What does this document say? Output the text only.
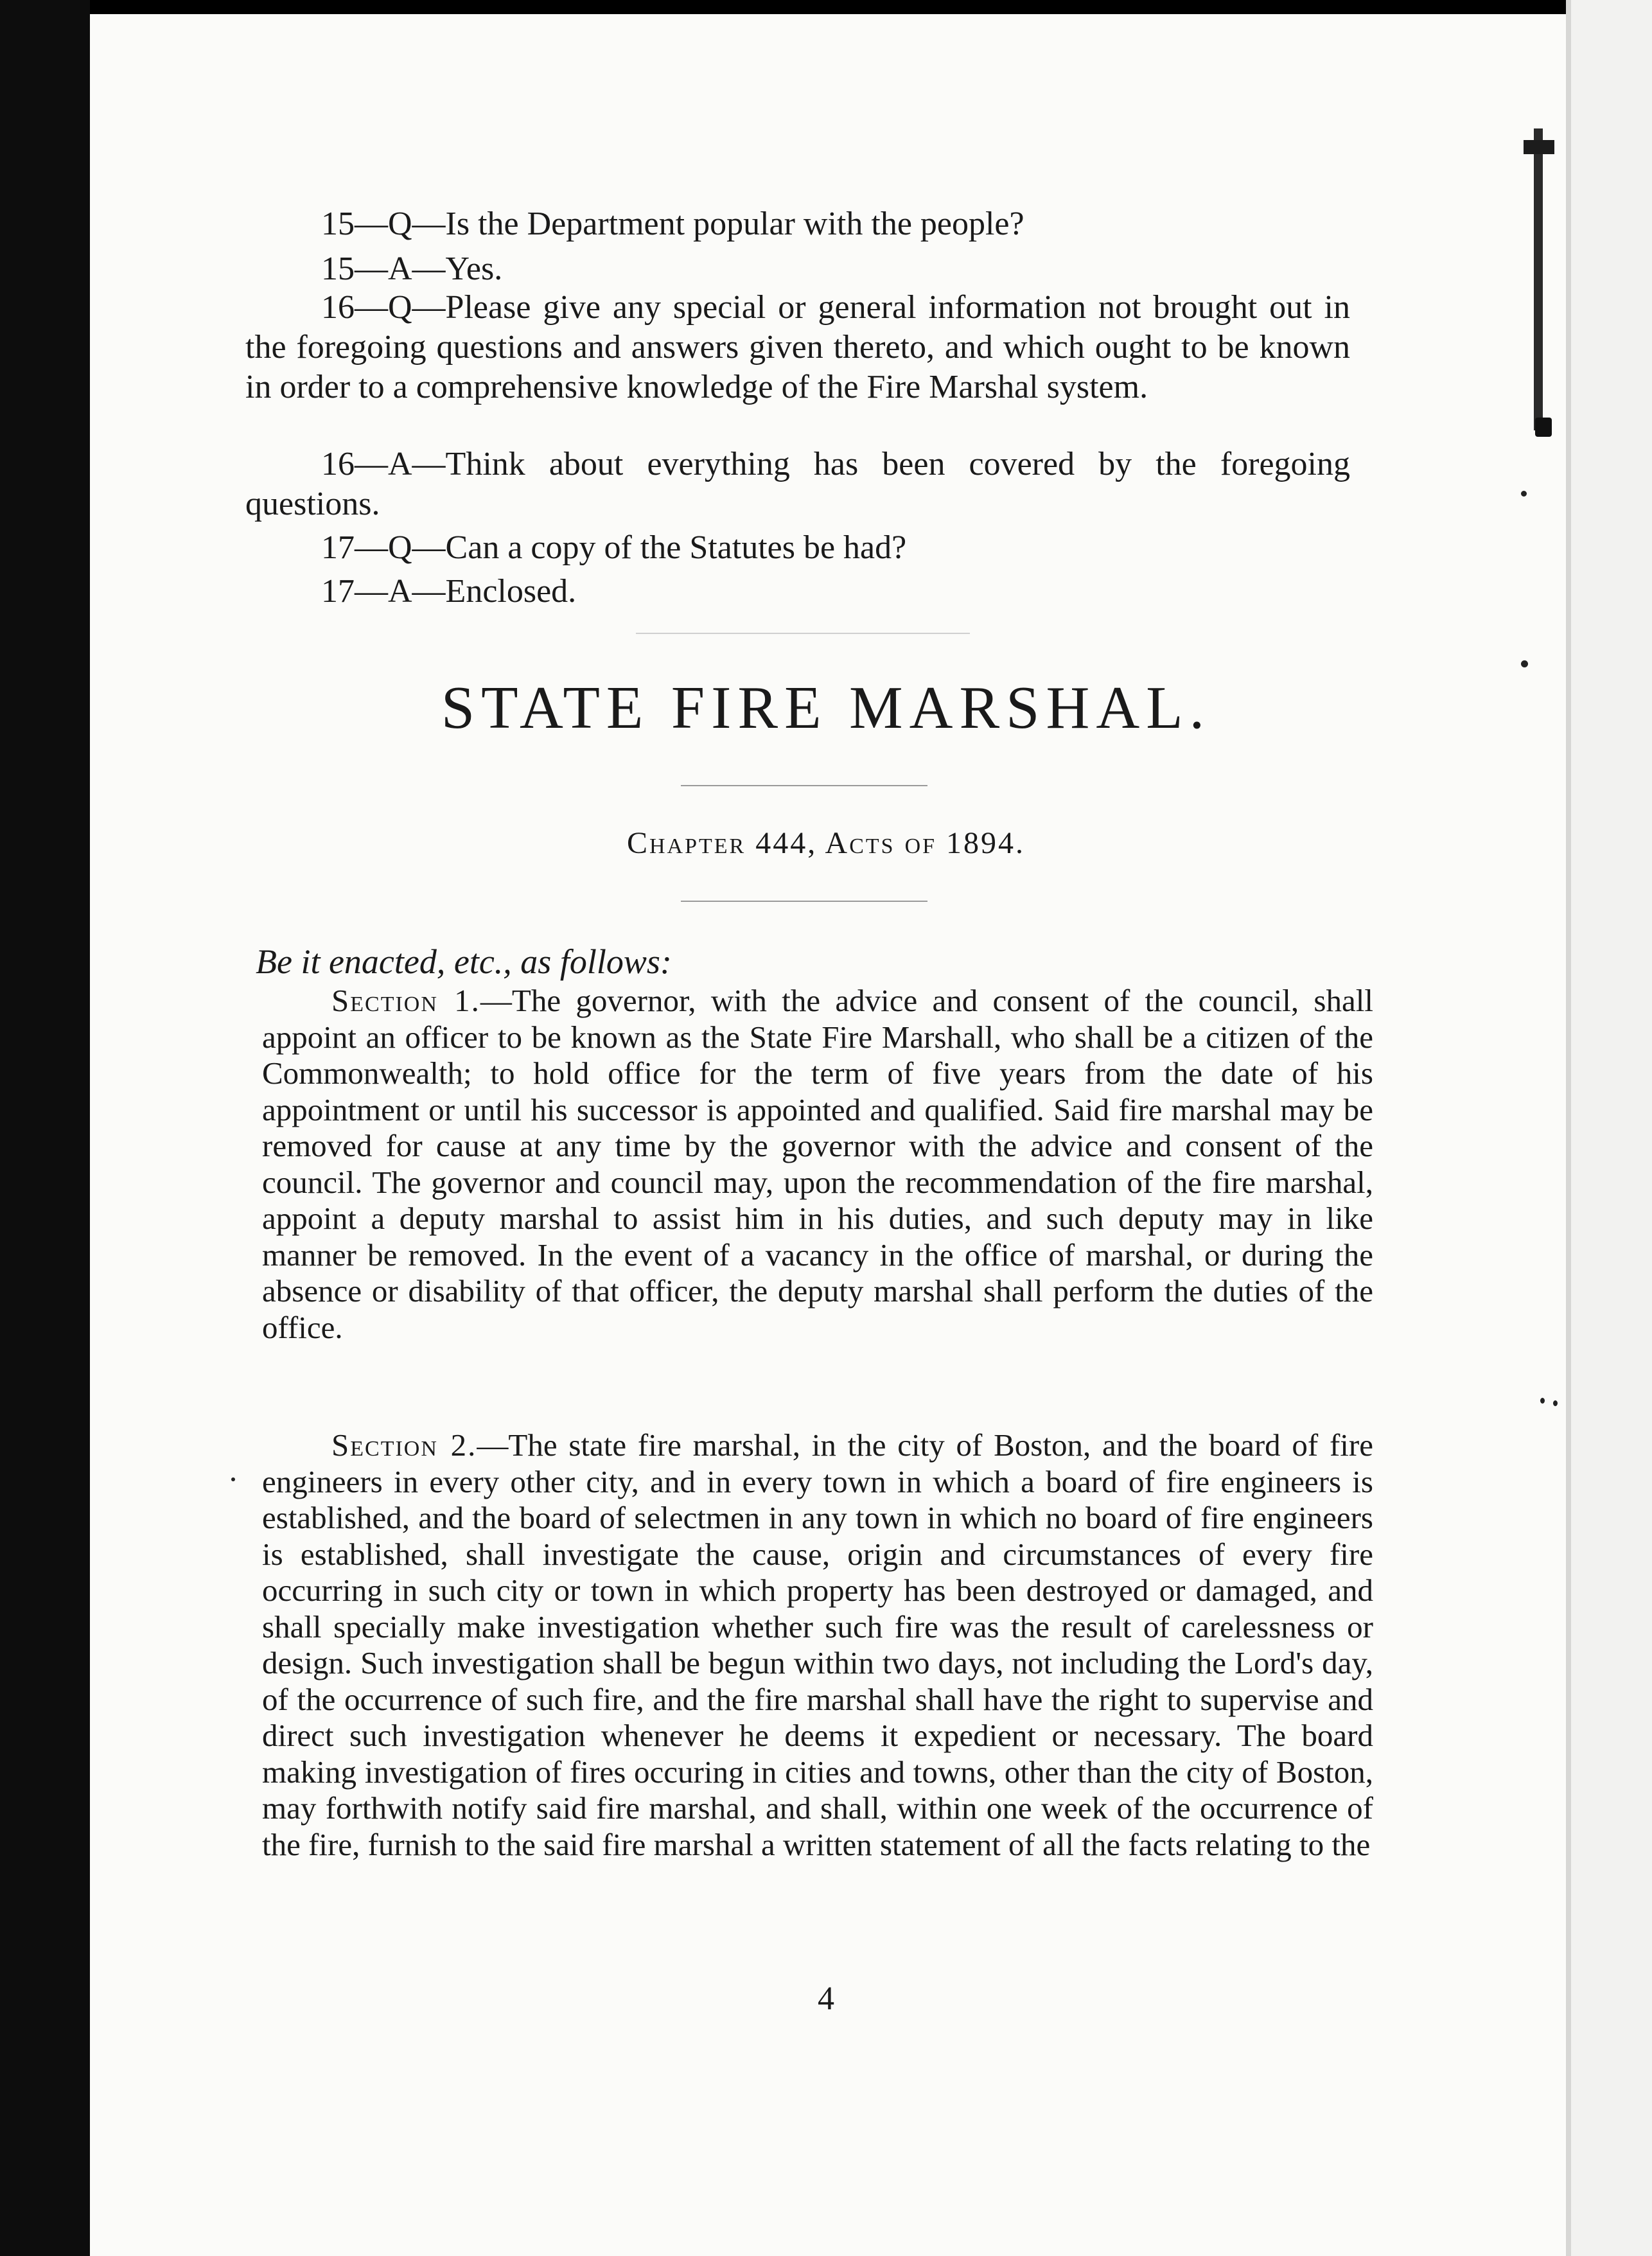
15—Q—Is the Department popular with the people?

15—A—Yes.

16—Q—Please give any special or general information not brought out in the foregoing questions and answers given thereto, and which ought to be known in order to a comprehensive knowledge of the Fire Marshal system.

16—A—Think about everything has been covered by the foregoing questions.

17—Q—Can a copy of the Statutes be had?

17—A—Enclosed.

STATE FIRE MARSHAL.

Chapter 444, Acts of 1894.

Be it enacted, etc., as follows:

Section 1.—The governor, with the advice and consent of the council, shall appoint an officer to be known as the State Fire Marshall, who shall be a citizen of the Commonwealth; to hold office for the term of five years from the date of his appointment or until his successor is appointed and qualified. Said fire marshal may be removed for cause at any time by the governor with the advice and consent of the council. The governor and council may, upon the recommendation of the fire marshal, appoint a deputy marshal to assist him in his duties, and such deputy may in like manner be removed. In the event of a vacancy in the office of marshal, or during the absence or disability of that officer, the deputy marshal shall perform the duties of the office.

Section 2.—The state fire marshal, in the city of Boston, and the board of fire engineers in every other city, and in every town in which a board of fire engineers is established, and the board of selectmen in any town in which no board of fire engineers is established, shall investigate the cause, origin and circumstances of every fire occurring in such city or town in which property has been destroyed or damaged, and shall specially make investigation whether such fire was the result of carelessness or design. Such investigation shall be begun within two days, not including the Lord's day, of the occurrence of such fire, and the fire marshal shall have the right to supervise and direct such investigation whenever he deems it expedient or necessary. The board making investigation of fires occuring in cities and towns, other than the city of Boston, may forthwith notify said fire marshal, and shall, within one week of the occurrence of the fire, furnish to the said fire marshal a written statement of all the facts relating to the

4
